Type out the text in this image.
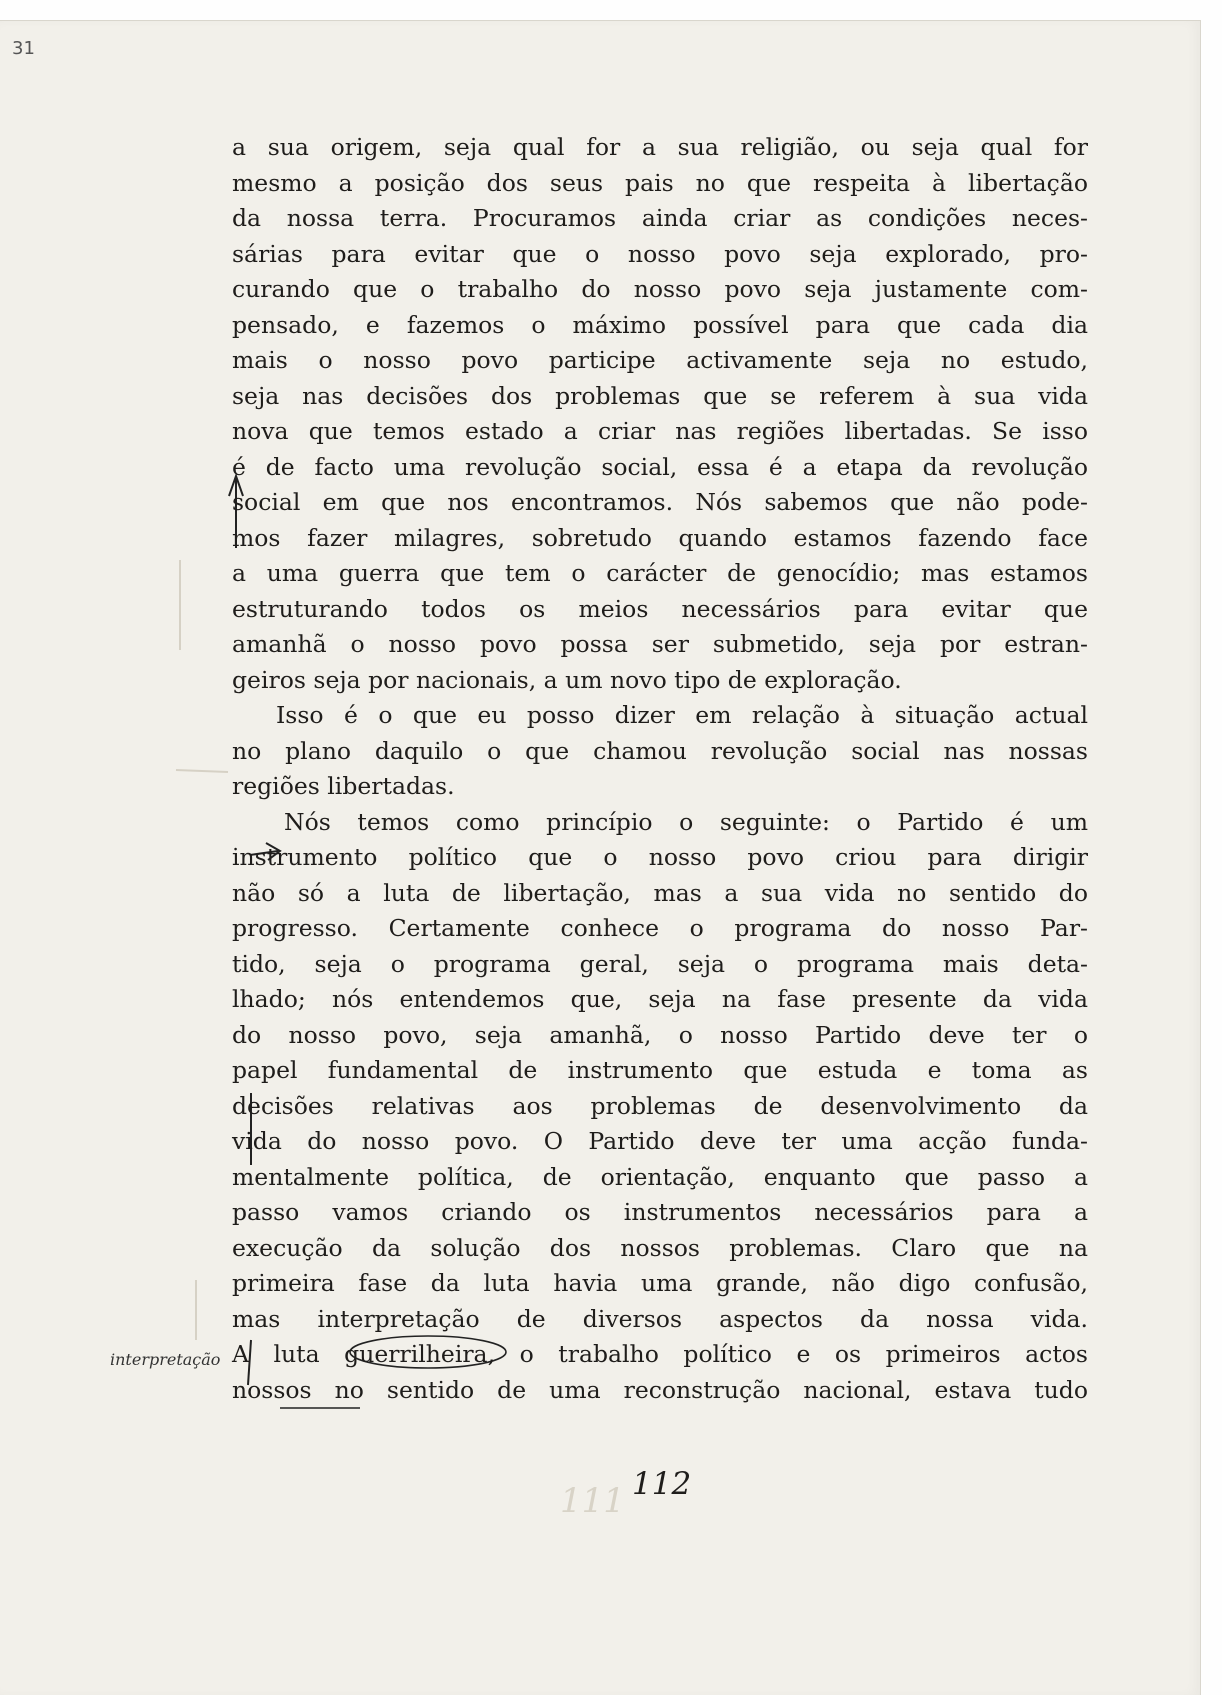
111
31
interpretação
a sua origem, seja qual for a sua religião, ou seja qual for
mesmo a posição dos seus pais no que respeita à libertação
da nossa terra. Procuramos ainda criar as condições neces-
sárias para evitar que o nosso povo seja explorado, pro-
curando que o trabalho do nosso povo seja justamente com-
pensado, e fazemos o máximo possível para que cada dia
mais o nosso povo participe activamente seja no estudo,
seja nas decisões dos problemas que se referem à sua vida
nova que temos estado a criar nas regiões libertadas. Se isso
é de facto uma revolução social, essa é a etapa da revolução
social em que nos encontramos. Nós sabemos que não pode-
mos fazer milagres, sobretudo quando estamos fazendo face
a uma guerra que tem o carácter de genocídio; mas estamos
estruturando todos os meios necessários para evitar que
amanhã o nosso povo possa ser submetido, seja por estran-
geiros seja por nacionais, a um novo tipo de exploração.
Isso é o que eu posso dizer em relação à situação actual
no plano daquilo o que chamou revolução social nas nossas
regiões libertadas.
Nós temos como princípio o seguinte: o Partido é um
instrumento político que o nosso povo criou para dirigir
não só a luta de libertação, mas a sua vida no sentido do
progresso. Certamente conhece o programa do nosso Par-
tido, seja o programa geral, seja o programa mais deta-
lhado; nós entendemos que, seja na fase presente da vida
do nosso povo, seja amanhã, o nosso Partido deve ter o
papel fundamental de instrumento que estuda e toma as
decisões relativas aos problemas de desenvolvimento da
vida do nosso povo. O Partido deve ter uma acção funda-
mentalmente política, de orientação, enquanto que passo a
passo vamos criando os instrumentos necessários para a
execução da solução dos nossos problemas. Claro que na
primeira fase da luta havia uma grande, não digo confusão,
mas interpretação de diversos aspectos da nossa vida.
A luta guerrilheira, o trabalho político e os primeiros actos
nossos no sentido de uma reconstrução nacional, estava tudo
112
